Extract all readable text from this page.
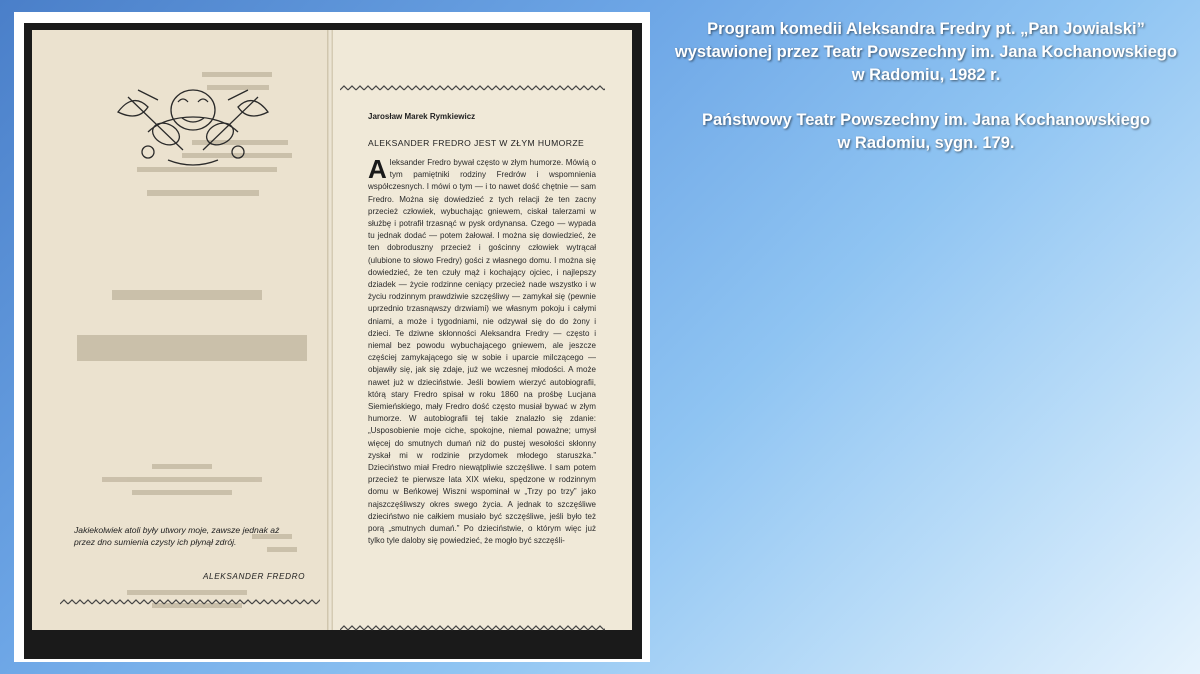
Jakiekolwiek atoli były utwory moje, zawsze jednak aż przez dno sumienia czysty ich płynął zdrój.
ALEKSANDER FREDRO
Jarosław Marek Rymkiewicz
ALEKSANDER FREDRO JEST W ZŁYM HUMORZE
Aleksander Fredro bywał często w złym humorze. Mówią o tym pamiętniki rodziny Fredrów i wspomnienia współczesnych. I mówi o tym — i to nawet dość chętnie — sam Fredro. Można się dowiedzieć z tych relacji że ten zacny przecież człowiek, wybuchając gniewem, ciskał talerzami w służbę i potrafił trzasnąć w pysk ordynansa. Czego — wypada tu jednak dodać — potem żałował. I można się dowiedzieć, że ten dobroduszny przecież i gościnny człowiek wytrącał (ulubione to słowo Fredry) gości z własnego domu. I można się dowiedzieć, że ten czuły mąż i kochający ojciec, i najlepszy dziadek — życie rodzinne ceniący przecież nade wszystko i w życiu rodzinnym prawdziwie szczęśliwy — zamykał się (pewnie uprzednio trzasnąwszy drzwiami) we własnym pokoju i całymi dniami, a może i tygodniami, nie odzywał się do do żony i dzieci. Te dziwne skłonności Aleksandra Fredry — często i niemal bez powodu wybuchającego gniewem, ale jeszcze częściej zamykającego się w sobie i uparcie milczącego — objawiły się, jak się zdaje, już we wczesnej młodości. A może nawet już w dzieciństwie. Jeśli bowiem wierzyć autobiografii, którą stary Fredro spisał w roku 1860 na prośbę Lucjana Siemieńskiego, mały Fredro dość często musiał bywać w złym humorze. W autobiografii tej takie znalazło się zdanie: „Usposobienie moje ciche, spokojne, niemal poważne; umysł więcej do smutnych dumań niż do pustej wesołości skłonny zyskał mi w rodzinie przydomek młodego staruszka.” Dzieciństwo miał Fredro niewątpliwie szczęśliwe. I sam potem przecież te pierwsze lata XIX wieku, spędzone w rodzinnym domu w Beńkowej Wiszni wspominał w „Trzy po trzy” jako najszczęśliwszy okres swego życia. A jednak to szczęśliwe dzieciństwo nie całkiem musiało być szczęśliwe, jeśli było też porą „smutnych dumań.” Po dzieciństwie, o którym więc już tylko tyle daloby się powiedzieć, że mogło być szczęśli-

Program komedii Aleksandra Fredry pt. „Pan Jowialski”

wystawionej przez Teatr Powszechny im. Jana Kochanowskiego

w Radomiu, 1982 r.

Państwowy Teatr Powszechny im. Jana Kochanowskiego

w Radomiu, sygn. 179.
